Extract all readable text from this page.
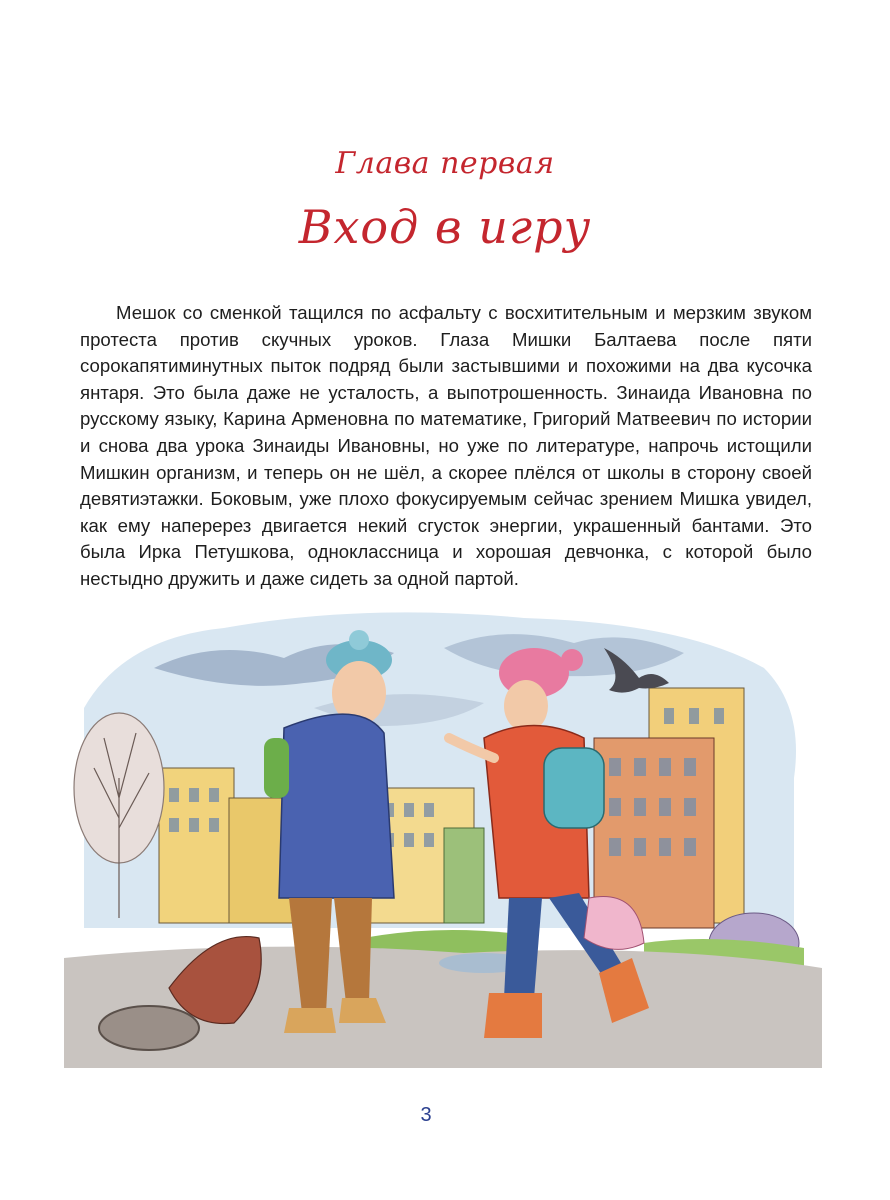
Глава первая
Вход в игру

Мешок со сменкой тащился по асфальту с восхитительным и мерзким звуком протеста против скучных уроков. Глаза Мишки Балтаева после пяти сорокапятиминутных пыток подряд были застывшими и похожими на два кусочка янтаря. Это была даже не усталость, а выпотрошенность. Зинаида Ивановна по русскому языку, Карина Арменовна по математике, Григорий Матвеевич по истории и снова два урока Зинаиды Ивановны, но уже по литературе, напрочь истощили Мишкин организм, и теперь он не шёл, а скорее плёлся от школы в сторону своей девятиэтажки. Боковым, уже плохо фокусируемым сейчас зрением Мишка увидел, как ему наперерез двигается некий сгусток энергии, украшенный бантами. Это была Ирка Петушкова, одноклассница и хорошая девчонка, с которой было нестыдно дружить и даже сидеть за одной партой.

3
